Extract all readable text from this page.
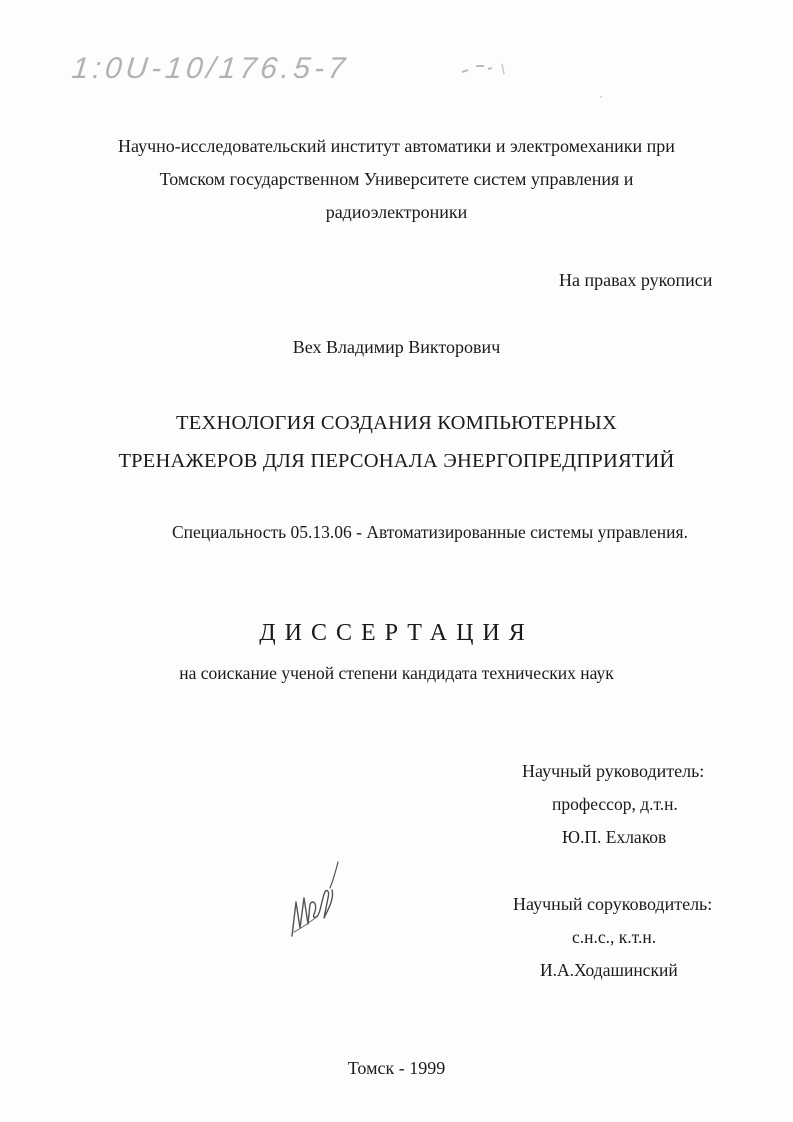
1:0U-10/176.5-7
Научно-исследовательский институт автоматики и электромеханики при
Томском государственном Университете систем управления и
радиоэлектроники
На правах рукописи
Вех Владимир Викторович
ТЕХНОЛОГИЯ СОЗДАНИЯ КОМПЬЮТЕРНЫХ
ТРЕНАЖЕРОВ ДЛЯ ПЕРСОНАЛА ЭНЕРГОПРЕДПРИЯТИЙ
Специальность 05.13.06 - Автоматизированные системы управления.
ДИССЕРТАЦИЯ
на соискание ученой степени кандидата технических наук
Научный руководитель:
профессор, д.т.н.
Ю.П. Ехлаков
Научный соруководитель:
с.н.с., к.т.н.
И.А.Ходашинский
Томск - 1999
